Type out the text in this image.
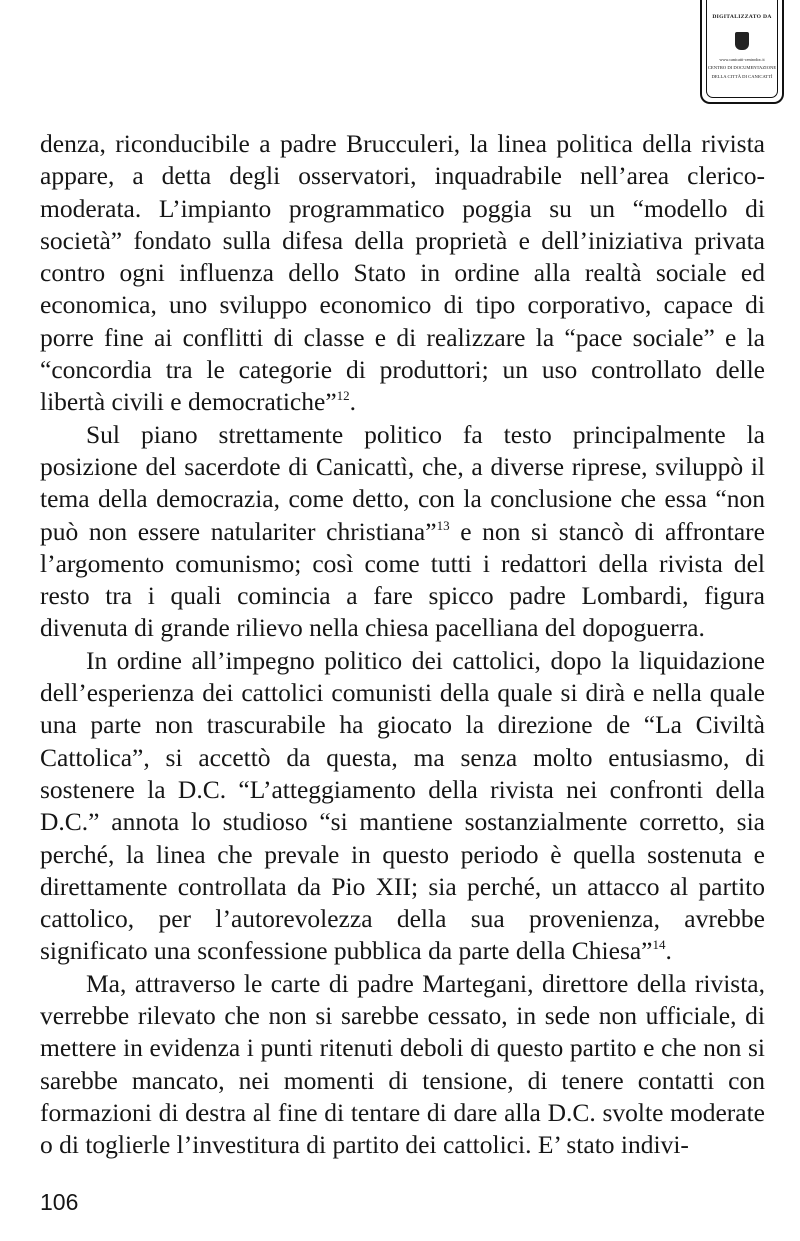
DIGITALIZZATO DA
www.canicatti-centrodoc.it
CENTRO DI DOCUMENTAZIONE
DELLA CITTÀ DI CANICATTÌ

denza, riconducibile a padre Brucculeri, la linea politica della rivista appare, a detta degli osservatori, inquadrabile nell’area clerico-moderata. L’impianto programmatico poggia su un “modello di società” fondato sulla difesa della proprietà e dell’iniziativa privata contro ogni influenza dello Stato in ordine alla realtà sociale ed economica, uno sviluppo economico di tipo corporativo, capace di porre fine ai conflitti di classe e di realizzare la “pace sociale” e la “concordia tra le categorie di produttori; un uso controllato delle libertà civili e democratiche”$^{12}$.

Sul piano strettamente politico fa testo principalmente la posizione del sacerdote di Canicattì, che, a diverse riprese, sviluppò il tema della democrazia, come detto, con la conclusione che essa “non può non essere natulariter christiana”$^{13}$ e non si stancò di affrontare l’argomento comunismo; così come tutti i redattori della rivista del resto tra i quali comincia a fare spicco padre Lombardi, figura divenuta di grande rilievo nella chiesa pacelliana del dopoguerra.

In ordine all’impegno politico dei cattolici, dopo la liquidazione dell’esperienza dei cattolici comunisti della quale si dirà e nella quale una parte non trascurabile ha giocato la direzione de “La Civiltà Cattolica”, si accettò da questa, ma senza molto entusiasmo, di sostenere la D.C. “L’atteggiamento della rivista nei confronti della D.C.” annota lo studioso “si mantiene sostanzialmente corretto, sia perché, la linea che prevale in questo periodo è quella sostenuta e direttamente controllata da Pio XII; sia perché, un attacco al partito cattolico, per l’autorevolezza della sua provenienza, avrebbe significato una sconfessione pubblica da parte della Chiesa”$^{14}$.

Ma, attraverso le carte di padre Martegani, direttore della rivista, verrebbe rilevato che non si sarebbe cessato, in sede non ufficiale, di mettere in evidenza i punti ritenuti deboli di questo partito e che non si sarebbe mancato, nei momenti di tensione, di tenere contatti con formazioni di destra al fine di tentare di dare alla D.C. svolte moderate o di toglierle l’investitura di partito dei cattolici. E’ stato indivi-

106
